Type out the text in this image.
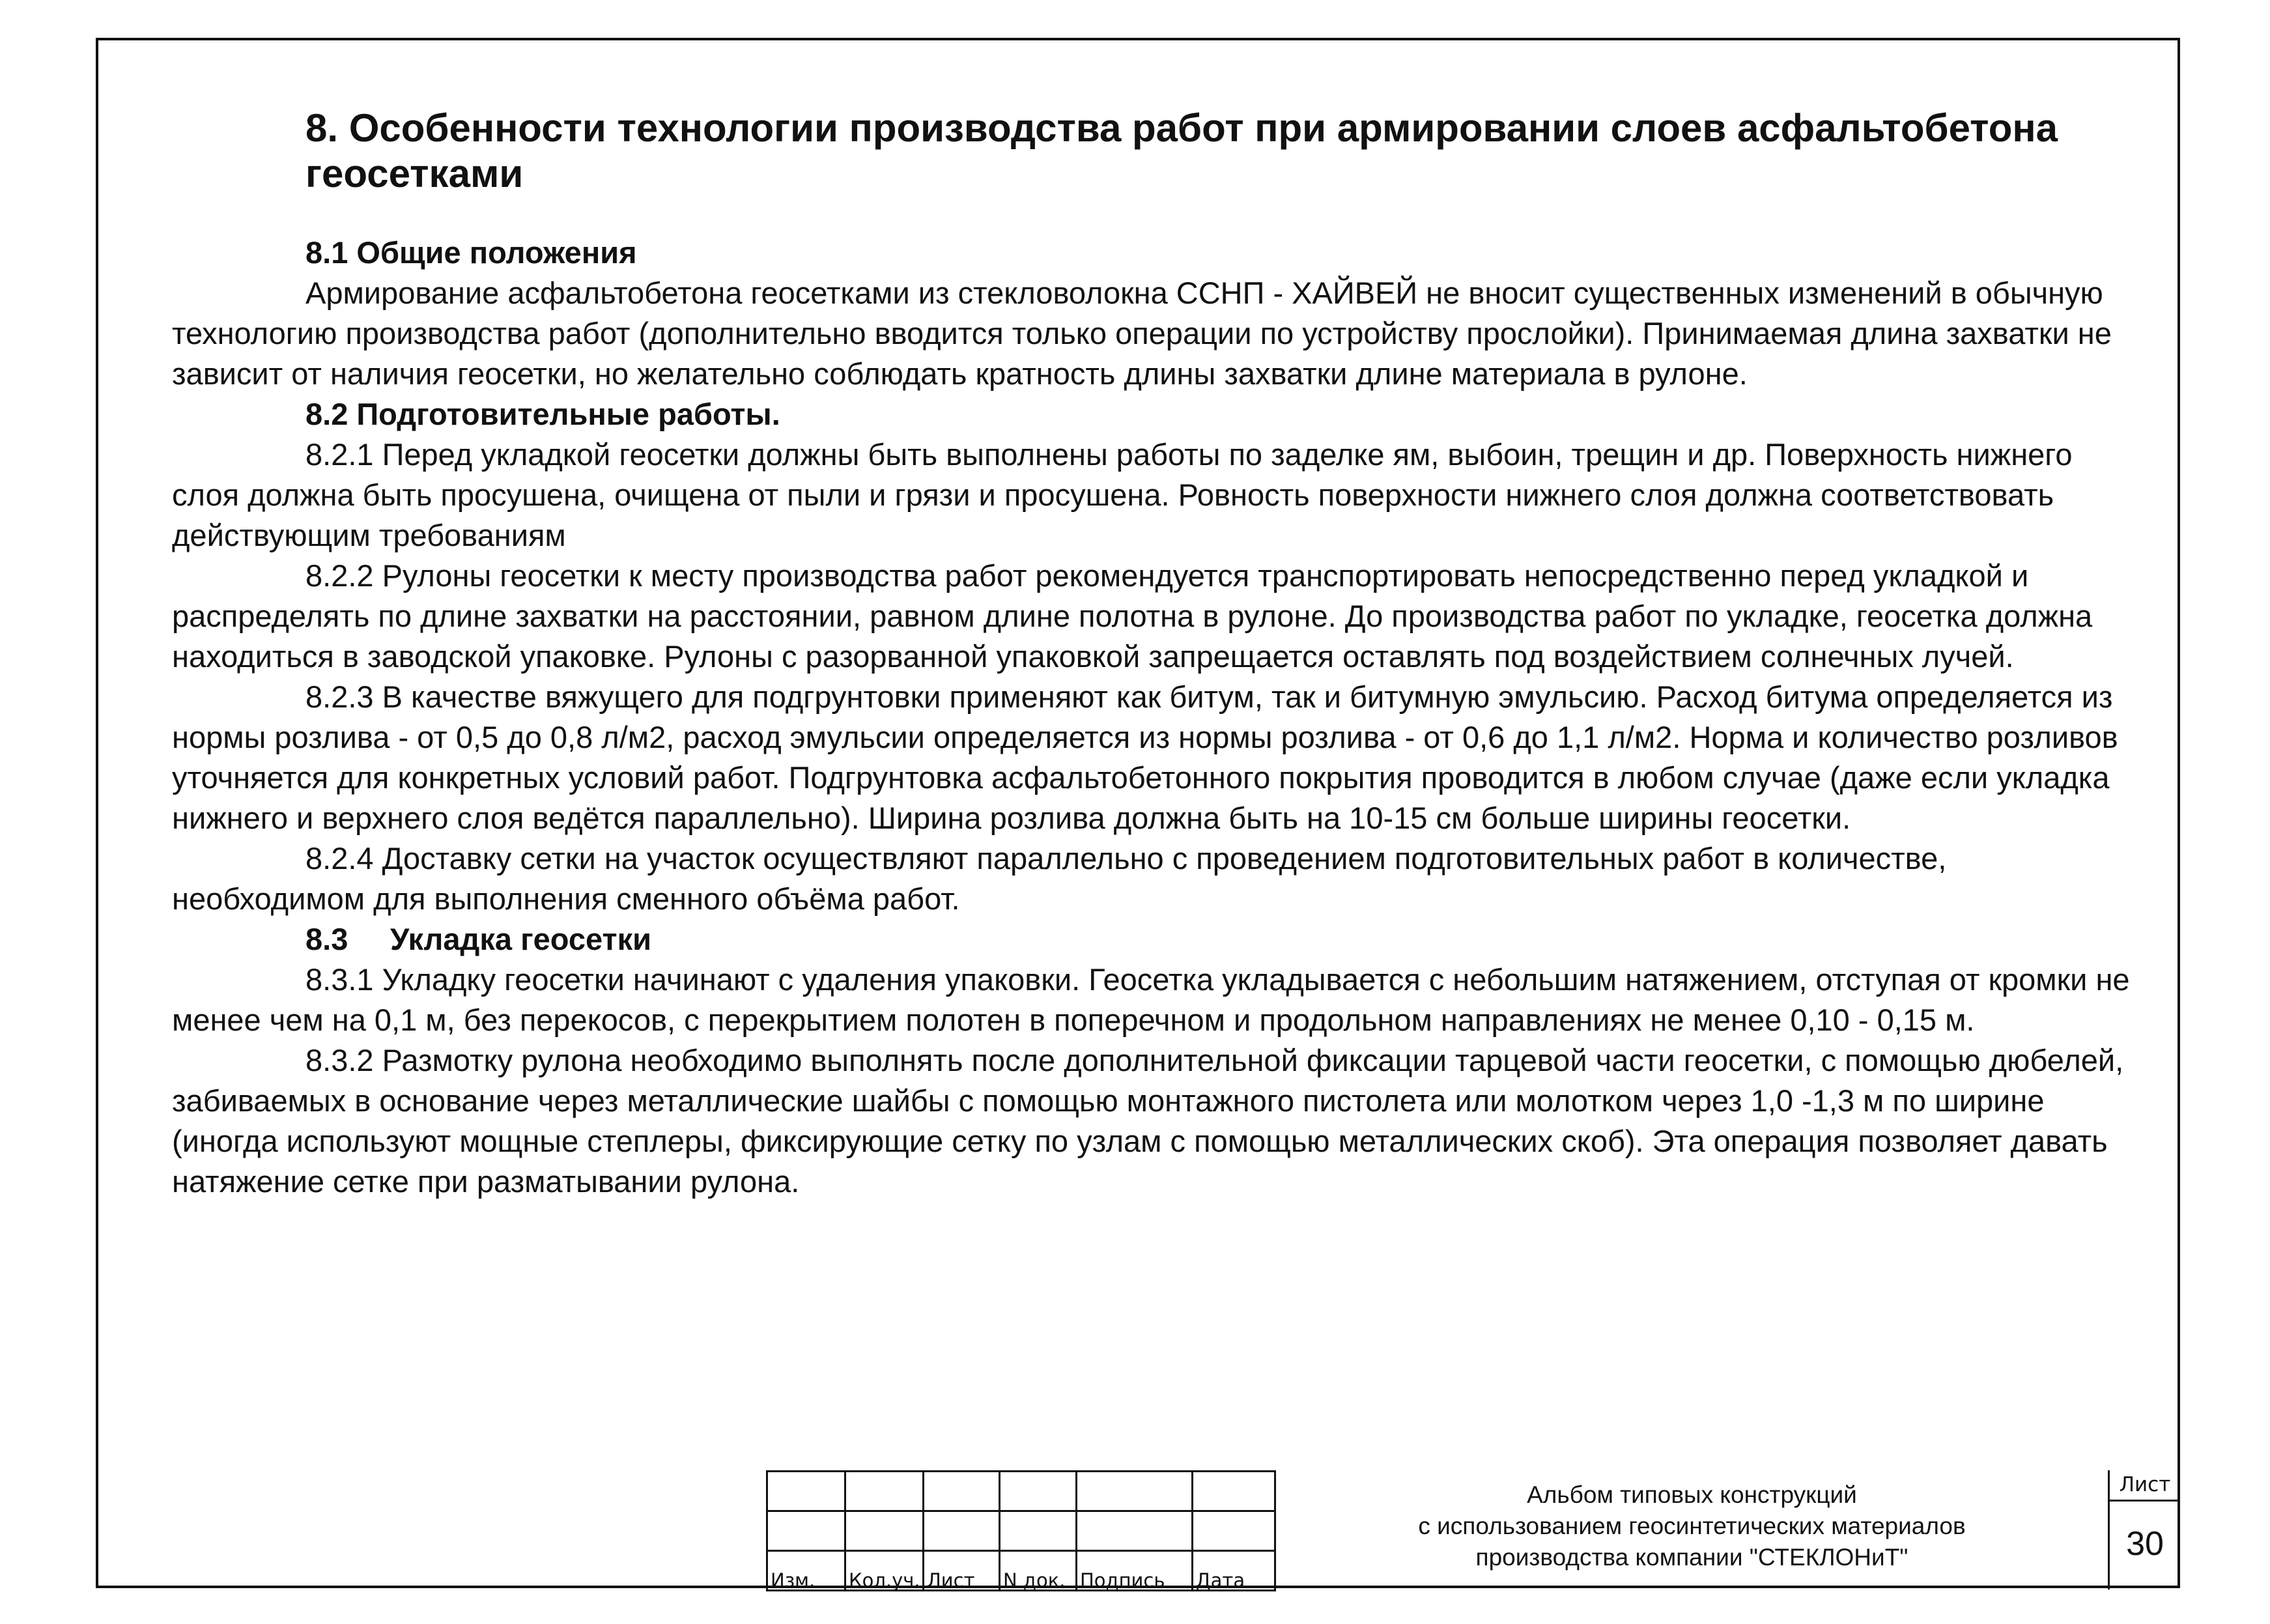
8. Особенности технологии производства работ при армировании слоев асфальтобетона геосетками
8.1 Общие положения

Армирование асфальтобетона геосетками из стекловолокна ССНП - ХАЙВЕЙ не вносит существенных изменений в обычную технологию производства работ (дополнительно вводится только операции по устройству прослойки). Принимаемая длина захватки не зависит от наличия геосетки, но желательно соблюдать кратность длины захватки длине материала в рулоне.

8.2 Подготовительные работы.

8.2.1 Перед укладкой геосетки должны быть выполнены работы по заделке ям, выбоин, трещин и др. Поверхность нижнего слоя должна быть просушена, очищена от пыли и грязи и просушена. Ровность поверхности нижнего слоя должна соответствовать действующим требованиям

8.2.2 Рулоны геосетки к месту производства работ рекомендуется транспортировать непосредственно перед укладкой и распределять по длине захватки на расстоянии, равном длине полотна в рулоне. До производства работ по укладке, геосетка должна находиться в заводской упаковке. Рулоны с разорванной упаковкой запрещается оставлять под воздействием солнечных лучей.

8.2.3 В качестве вяжущего для подгрунтовки применяют как битум, так и битумную эмульсию. Расход битума определяется из нормы розлива - от 0,5 до 0,8 л/м2, расход эмульсии определяется из нормы розлива - от 0,6 до 1,1 л/м2. Норма и количество розливов уточняется для конкретных условий работ. Подгрунтовка асфальтобетонного покрытия проводится в любом случае (даже если укладка нижнего и верхнего слоя ведётся параллельно). Ширина розлива должна быть на 10-15 см больше ширины геосетки.

8.2.4 Доставку сетки на участок осуществляют параллельно с проведением подготовительных работ в количестве, необходимом для выполнения сменного объёма работ.

8.3 Укладка геосетки

8.3.1 Укладку геосетки начинают с удаления упаковки. Геосетка укладывается с небольшим натяжением, отступая от кромки не менее чем на 0,1 м, без перекосов, с перекрытием полотен в поперечном и продольном направлениях не менее 0,10 - 0,15 м.

8.3.2 Размотку рулона необходимо выполнять после дополнительной фиксации тарцевой части геосетки, с помощью дюбелей, забиваемых в основание через металлические шайбы с помощью монтажного пистолета или молотком через 1,0 -1,3 м по ширине (иногда используют мощные степлеры, фиксирующие сетку по узлам с помощью металлических скоб). Эта операция позволяет давать натяжение сетке при разматывании рулона.

Изм.	Кол.уч.	Лист	N док.	Подпись	Дата
Альбом типовых конструкций
с использованием геосинтетических материалов
производства компании "СТЕКЛОНиТ"
Лист
30
